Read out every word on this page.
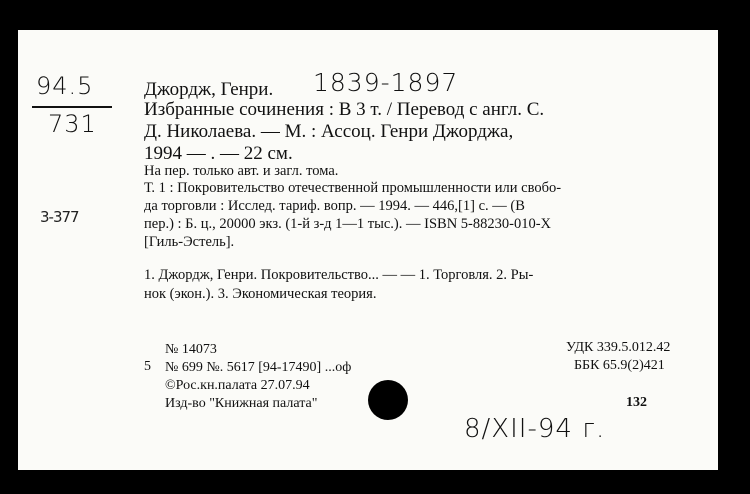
94.5
731
3-377
Джордж, Генри. 1839-1897
Избранные сочинения : В 3 т. / Перевод с англ. С.
Д. Николаева. — М. : Ассоц. Генри Джорджа,
1994 — . — 22 см.
На пер. только авт. и загл. тома.
Т. 1 : Покровительство отечественной промышленности или свобо-
да торговли : Исслед. тариф. вопр. — 1994. — 446,[1] с. — (В
пер.) : Б. ц., 20000 экз. (1-й з-д 1—1 тыс.). — ISBN 5-88230-010-X
[Гиль-Эстель].
1. Джордж, Генри. Покровительство... — — 1. Торговля. 2. Ры-
нок (экон.). 3. Экономическая теория.
5
№ 14073
№ 699 №. 5617 [94-17490] ...оф
©Рос.кн.палата 27.07.94
Изд-во "Книжная палата"
УДК 339.5.012.42
ББК 65.9(2)421
132
8/XII-94 г.
